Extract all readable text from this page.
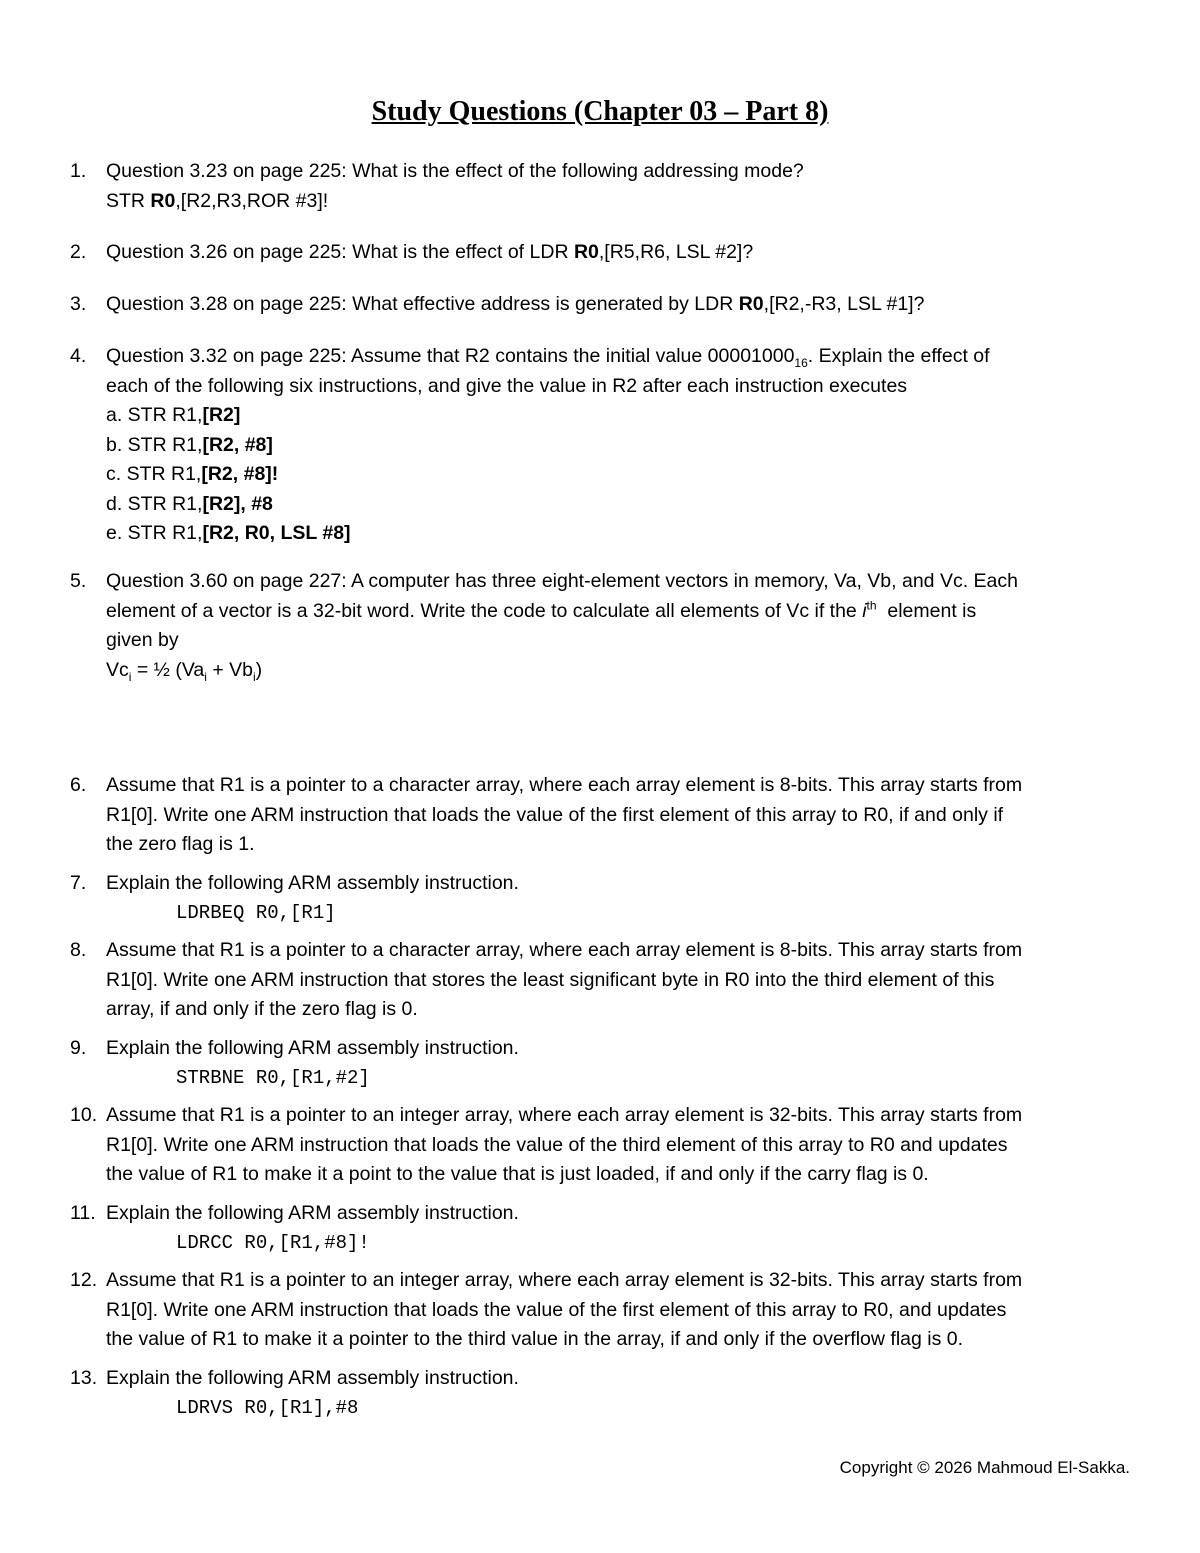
Study Questions (Chapter 03 – Part 8)
1.	Question 3.23 on page 225: What is the effect of the following addressing mode?
STR R0,[R2,R3,ROR #3]!
2.	Question 3.26 on page 225: What is the effect of LDR R0,[R5,R6, LSL #2]?
3.	Question 3.28 on page 225: What effective address is generated by LDR R0,[R2,-R3, LSL #1]?
4.	Question 3.32 on page 225: Assume that R2 contains the initial value $00001000_{16}$. Explain the effect of
each of the following six instructions, and give the value in R2 after each instruction executes
a. STR R1,[R2]
b. STR R1,[R2, #8]
c. STR R1,[R2, #8]!
d. STR R1,[R2], #8
e. STR R1,[R2, R0, LSL #8]
5.	Question 3.60 on page 227: A computer has three eight-element vectors in memory, Va, Vb, and Vc. Each
element of a vector is a 32-bit word. Write the code to calculate all elements of Vc if the $i^{th}$  element is
given by
$Vc_i$ = ½ $(Va_i + Vb_i)$
6.	Assume that R1 is a pointer to a character array, where each array element is 8-bits. This array starts from
R1[0]. Write one ARM instruction that loads the value of the first element of this array to R0, if and only if
the zero flag is 1.
7.	Explain the following ARM assembly instruction.
LDRBEQ R0,[R1]
8.	Assume that R1 is a pointer to a character array, where each array element is 8-bits. This array starts from
R1[0]. Write one ARM instruction that stores the least significant byte in R0 into the third element of this
array, if and only if the zero flag is 0.
9.	Explain the following ARM assembly instruction.
STRBNE R0,[R1,#2]
10. Assume that R1 is a pointer to an integer array, where each array element is 32-bits. This array starts from
R1[0]. Write one ARM instruction that loads the value of the third element of this array to R0 and updates
the value of R1 to make it a point to the value that is just loaded, if and only if the carry flag is 0.
11. Explain the following ARM assembly instruction.
LDRCC R0,[R1,#8]!
12. Assume that R1 is a pointer to an integer array, where each array element is 32-bits. This array starts from
R1[0]. Write one ARM instruction that loads the value of the first element of this array to R0, and updates
the value of R1 to make it a pointer to the third value in the array, if and only if the overflow flag is 0.
13. Explain the following ARM assembly instruction.
LDRVS R0,[R1],#8
Copyright © 2026 Mahmoud El-Sakka.
